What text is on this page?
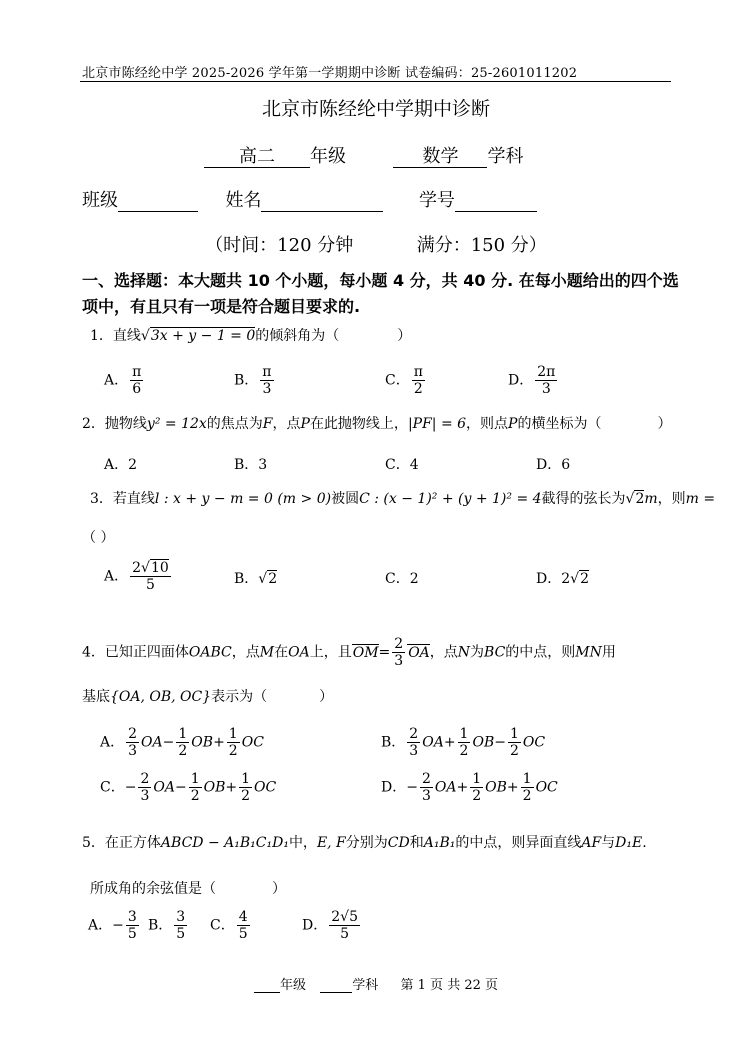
北京市陈经纶中学 2025-2026 学年第一学期期中诊断 试卷编码：25-2601011202
北京市陈经纶中学期中诊断
高二 年级	数学 学科
班级	姓名	学号
（时间：120 分钟	满分：150 分）
一、选择题：本大题共 10 个小题，每小题 4 分，共 40 分. 在每小题给出的四个选项中，有且只有一项是符合题目要求的.
1．直线√3x + y − 1 = 0的倾斜角为（	）
A． $\frac{\pi}{6}$	B． $\frac{\pi}{3}$	C． $\frac{\pi}{2}$	D． $\frac{2\pi}{3}$
2．抛物线y² = 12x的焦点为F，点P在此抛物线上，|PF| = 6，则点P的横坐标为（	）
A．2	B．3	C．4	D．6
3．若直线l : x + y − m = 0 (m > 0)被圆C : (x − 1)² + (y + 1)² = 4截得的弦长为√2m，则m =
（ ）
A． $\frac{2√10}{5}$	B．√2	C．2	D．2√2
4．已知正四面体OABC，点M在OA上，且$OM= \frac{2}{3}$ OA，点N为BC的中点，则MN用
基底{OA, OB, OC}表示为（	）
A． $\frac{2}{3} OA- \frac{1}{2} OB+ \frac{1}{2}$ OC	B． $\frac{2}{3} OA+ \frac{1}{2} OB- \frac{1}{2}$ OC
C．− $\frac{2}{3} OA- \frac{1}{2} OB+ \frac{1}{2}$ OC	D．− $\frac{2}{3} OA+ \frac{1}{2} OB+ \frac{1}{2}$ OC
5．在正方体ABCD − A₁B₁C₁D₁中，E, F分别为CD和A₁B₁的中点，则异面直线AF与D₁E.
所成角的余弦值是（	）
A．− $\frac{3}{5}$ B． $\frac{3}{5}$ C． $\frac{4}{5}$	D． $\frac{2√5}{5}$
年级	学科 第 1 页 共 22 页
